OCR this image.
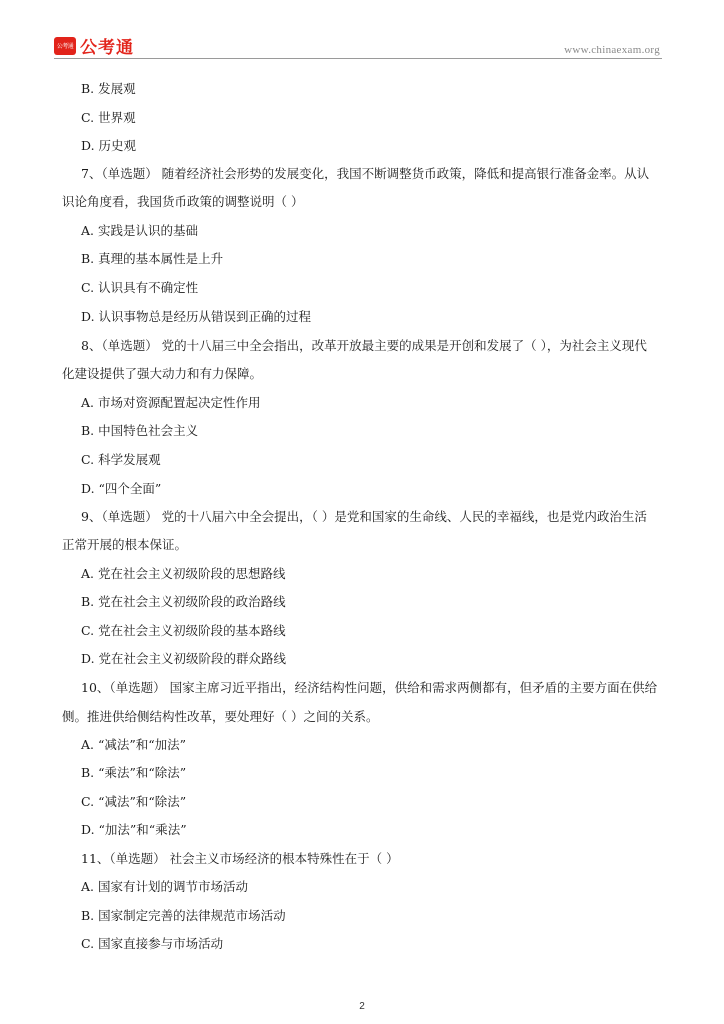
公考通 公考通	www.chinaexam.org
B. 发展观
C. 世界观
D. 历史观
7、（单选题） 随着经济社会形势的发展变化，我国不断调整货币政策，降低和提高银行准备金率。从认
识论角度看，我国货币政策的调整说明（ ）
A. 实践是认识的基础
B. 真理的基本属性是上升
C. 认识具有不确定性
D. 认识事物总是经历从错误到正确的过程
8、（单选题） 党的十八届三中全会指出，改革开放最主要的成果是开创和发展了（ ），为社会主义现代
化建设提供了强大动力和有力保障。
A. 市场对资源配置起决定性作用
B. 中国特色社会主义
C. 科学发展观
D. “四个全面”
9、（单选题） 党的十八届六中全会提出，（ ）是党和国家的生命线、人民的幸福线，也是党内政治生活
正常开展的根本保证。
A. 党在社会主义初级阶段的思想路线
B. 党在社会主义初级阶段的政治路线
C. 党在社会主义初级阶段的基本路线
D. 党在社会主义初级阶段的群众路线
10、（单选题） 国家主席习近平指出，经济结构性问题，供给和需求两侧都有，但矛盾的主要方面在供给
侧。推进供给侧结构性改革，要处理好（ ）之间的关系。
A. “减法”和“加法”
B. “乘法”和“除法”
C. “减法”和“除法”
D. “加法”和“乘法”
11、（单选题） 社会主义市场经济的根本特殊性在于（ ）
A. 国家有计划的调节市场活动
B. 国家制定完善的法律规范市场活动
C. 国家直接参与市场活动
2
